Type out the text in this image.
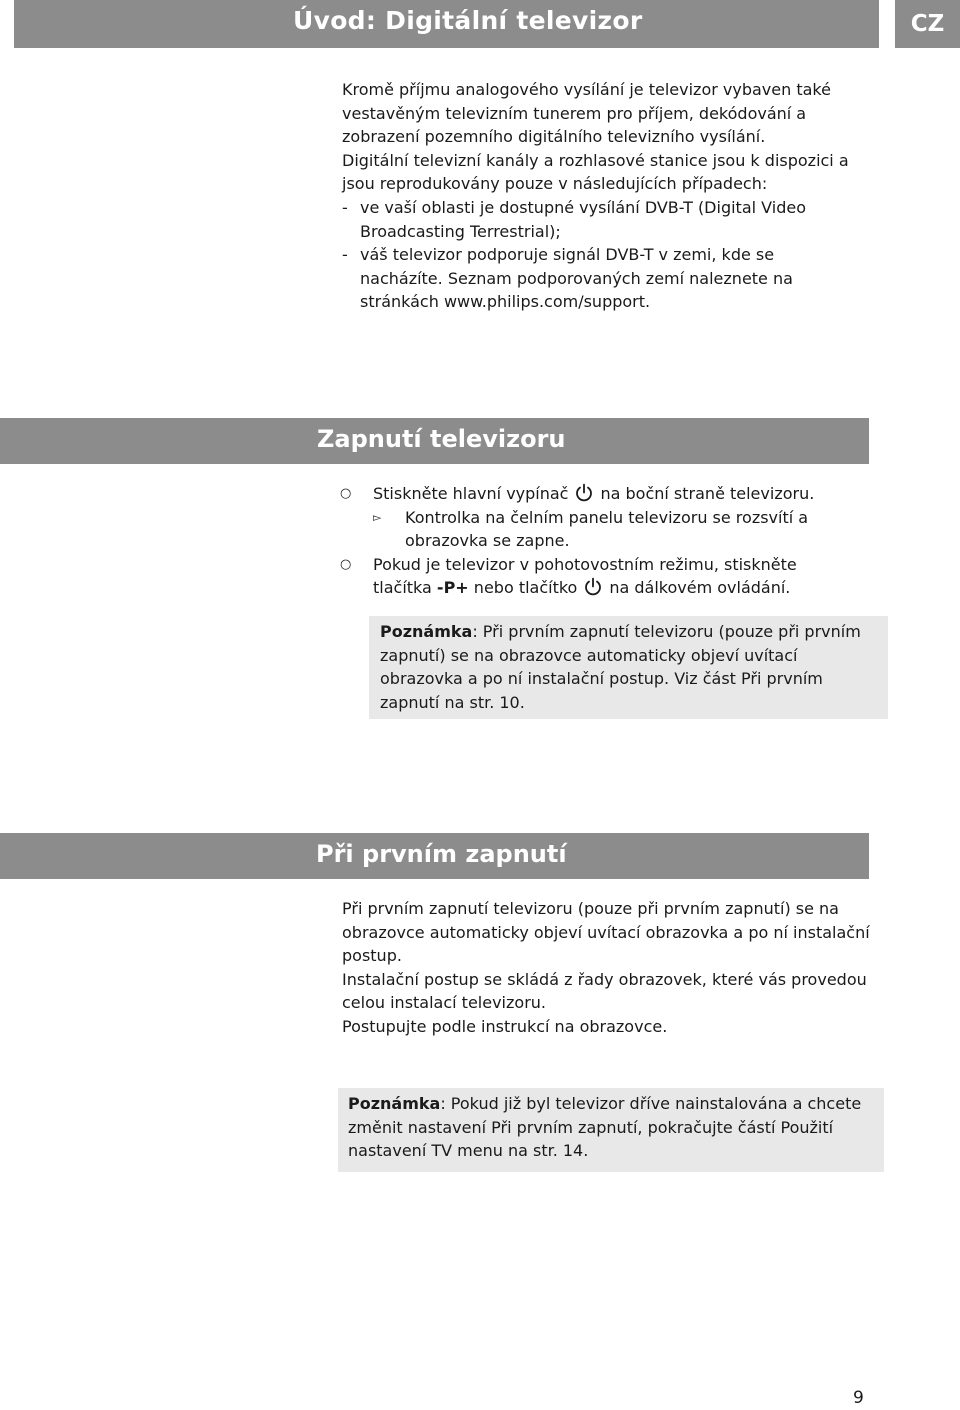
Úvod: Digitální televizor	CZ

Kromě příjmu analogového vysílání je televizor vybaven také vestavěným televizním tunerem pro příjem, dekódování a zobrazení pozemního digitálního televizního vysílání.

Digitální televizní kanály a rozhlasové stanice jsou k dispozici a jsou reprodukovány pouze v následujících případech:

- ve vaší oblasti je dostupné vysílání DVB-T (Digital Video Broadcasting Terrestrial);
- váš televizor podporuje signál DVB-T v zemi, kde se nacházíte. Seznam podporovaných zemí naleznete na stránkách www.philips.com/support.
Zapnutí televizoru
○ Stiskněte hlavní vypínač na boční straně televizoru.
▻ Kontrolka na čelním panelu televizoru se rozsvítí a obrazovka se zapne.
○ Pokud je televizor v pohotovostním režimu, stiskněte
tlačítka -P+ nebo tlačítko na dálkovém ovládání.
Poznámka: Při prvním zapnutí televizoru (pouze při prvním zapnutí) se na obrazovce automaticky objeví uvítací obrazovka a po ní instalační postup. Viz část Při prvním zapnutí na str. 10.
Při prvním zapnutí

Při prvním zapnutí televizoru (pouze při prvním zapnutí) se na obrazovce automaticky objeví uvítací obrazovka a po ní instalační postup.

Instalační postup se skládá z řady obrazovek, které vás provedou celou instalací televizoru.

Postupujte podle instrukcí na obrazovce.

Poznámka: Pokud již byl televizor dříve nainstalována a chcete změnit nastavení Při prvním zapnutí, pokračujte částí Použití nastavení TV menu na str. 14.
9
